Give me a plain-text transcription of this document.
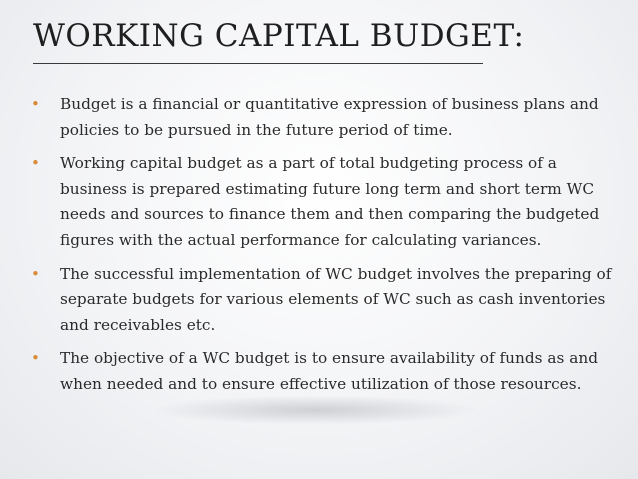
WORKING CAPITAL BUDGET:
• Budget is a financial or quantitative expression of business plans and policies to be pursued in the future period of time.
• Working capital budget as a part of total budgeting process of a business is prepared estimating future long term and short term WC needs and sources to finance them and then comparing the budgeted figures with the actual performance for calculating variances.
• The successful implementation of WC budget involves the preparing of separate budgets for various elements of WC such as cash inventories and receivables etc.
• The objective of a WC budget is to ensure availability of funds as and when needed and to ensure effective utilization of those resources.
